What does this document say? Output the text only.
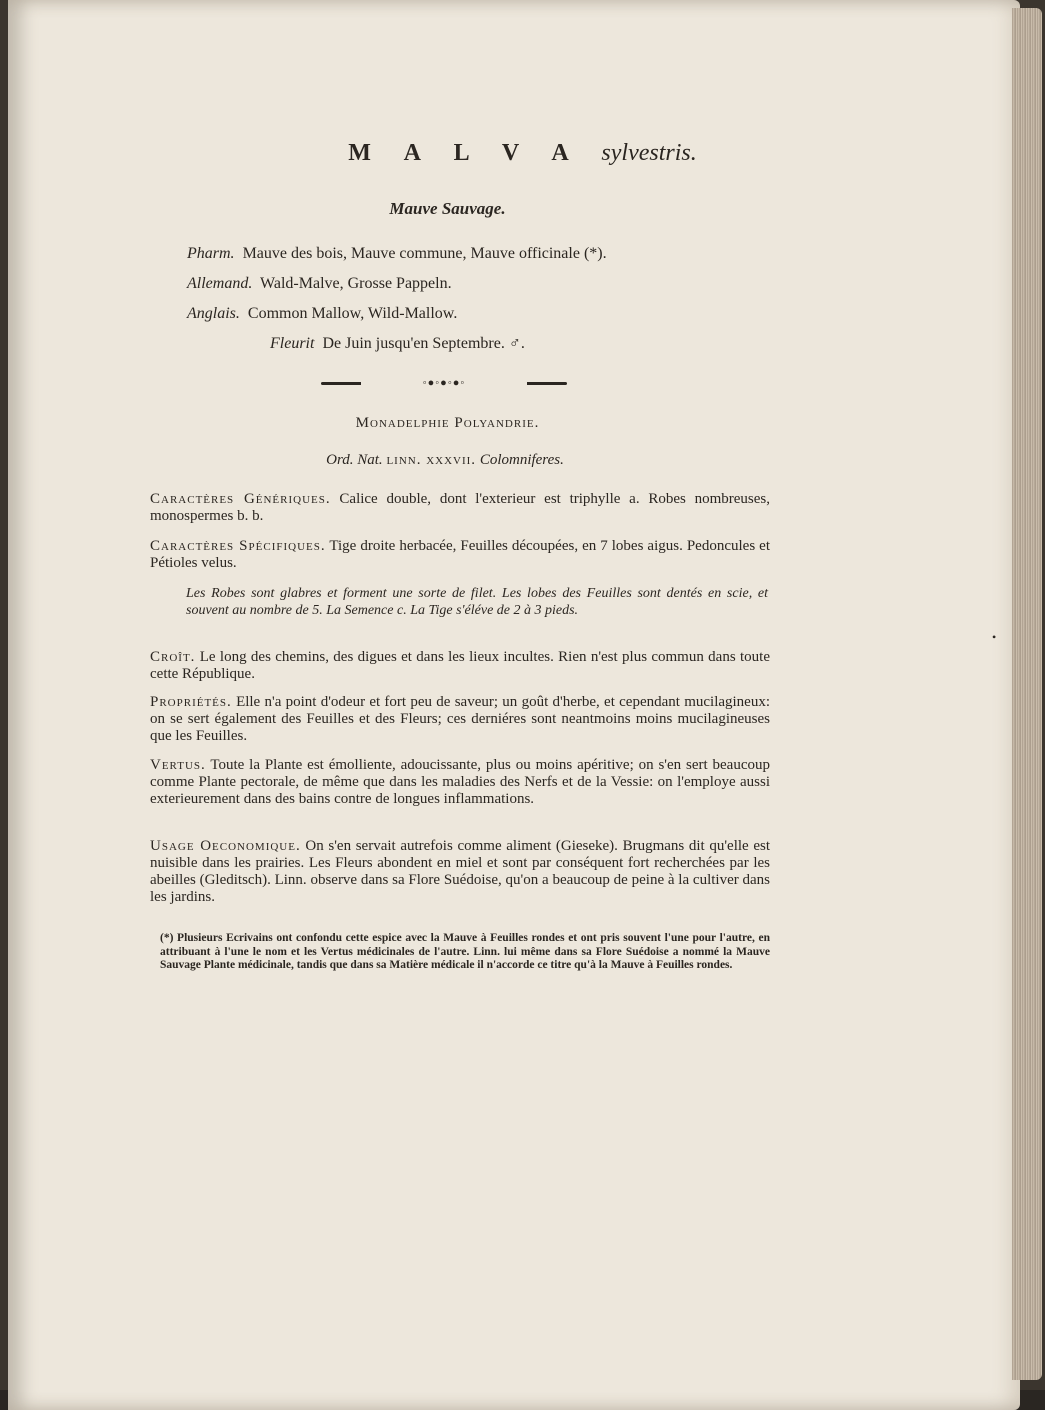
M A L V A sylvestris.
Mauve Sauvage.
Pharm. Mauve des bois, Mauve commune, Mauve officinale (*).
Allemand. Wald-Malve, Grosse Pappeln.
Anglais. Common Mallow, Wild-Mallow.
Fleurit De Juin jusqu'en Septembre. ♂.
◦●◦●◦●◦
Monadelphie Polyandrie.
Ord. Nat. linn. xxxvii. Colomniferes.
Caractères Génériques. Calice double, dont l'exterieur est triphylle a. Robes nombreuses, monospermes b. b.
Caractères Spécifiques. Tige droite herbacée, Feuilles découpées, en 7 lobes aigus. Pedoncules et Pétioles velus.
Les Robes sont glabres et forment une sorte de filet. Les lobes des Feuilles sont dentés en scie, et souvent au nombre de 5. La Semence c. La Tige s'éléve de 2 à 3 pieds.
Croît. Le long des chemins, des digues et dans les lieux incultes. Rien n'est plus commun dans toute cette République.
Propriétés. Elle n'a point d'odeur et fort peu de saveur; un goût d'herbe, et cependant mucilagineux: on se sert également des Feuilles et des Fleurs; ces derniéres sont neantmoins moins mucilagineuses que les Feuilles.
Vertus. Toute la Plante est émolliente, adoucissante, plus ou moins apéritive; on s'en sert beaucoup comme Plante pectorale, de même que dans les maladies des Nerfs et de la Vessie: on l'employe aussi exterieurement dans des bains contre de longues inflammations.
Usage Oeconomique. On s'en servait autrefois comme aliment (Gieseke). Brugmans dit qu'elle est nuisible dans les prairies. Les Fleurs abondent en miel et sont par conséquent fort recherchées par les abeilles (Gleditsch). Linn. observe dans sa Flore Suédoise, qu'on a beaucoup de peine à la cultiver dans les jardins.
(*) Plusieurs Ecrivains ont confondu cette espice avec la Mauve à Feuilles rondes et ont pris souvent l'une pour l'autre, en attribuant à l'une le nom et les Vertus médicinales de l'autre. Linn. lui même dans sa Flore Suédoise a nommé la Mauve Sauvage Plante médicinale, tandis que dans sa Matière médicale il n'accorde ce titre qu'à la Mauve à Feuilles rondes.
•
